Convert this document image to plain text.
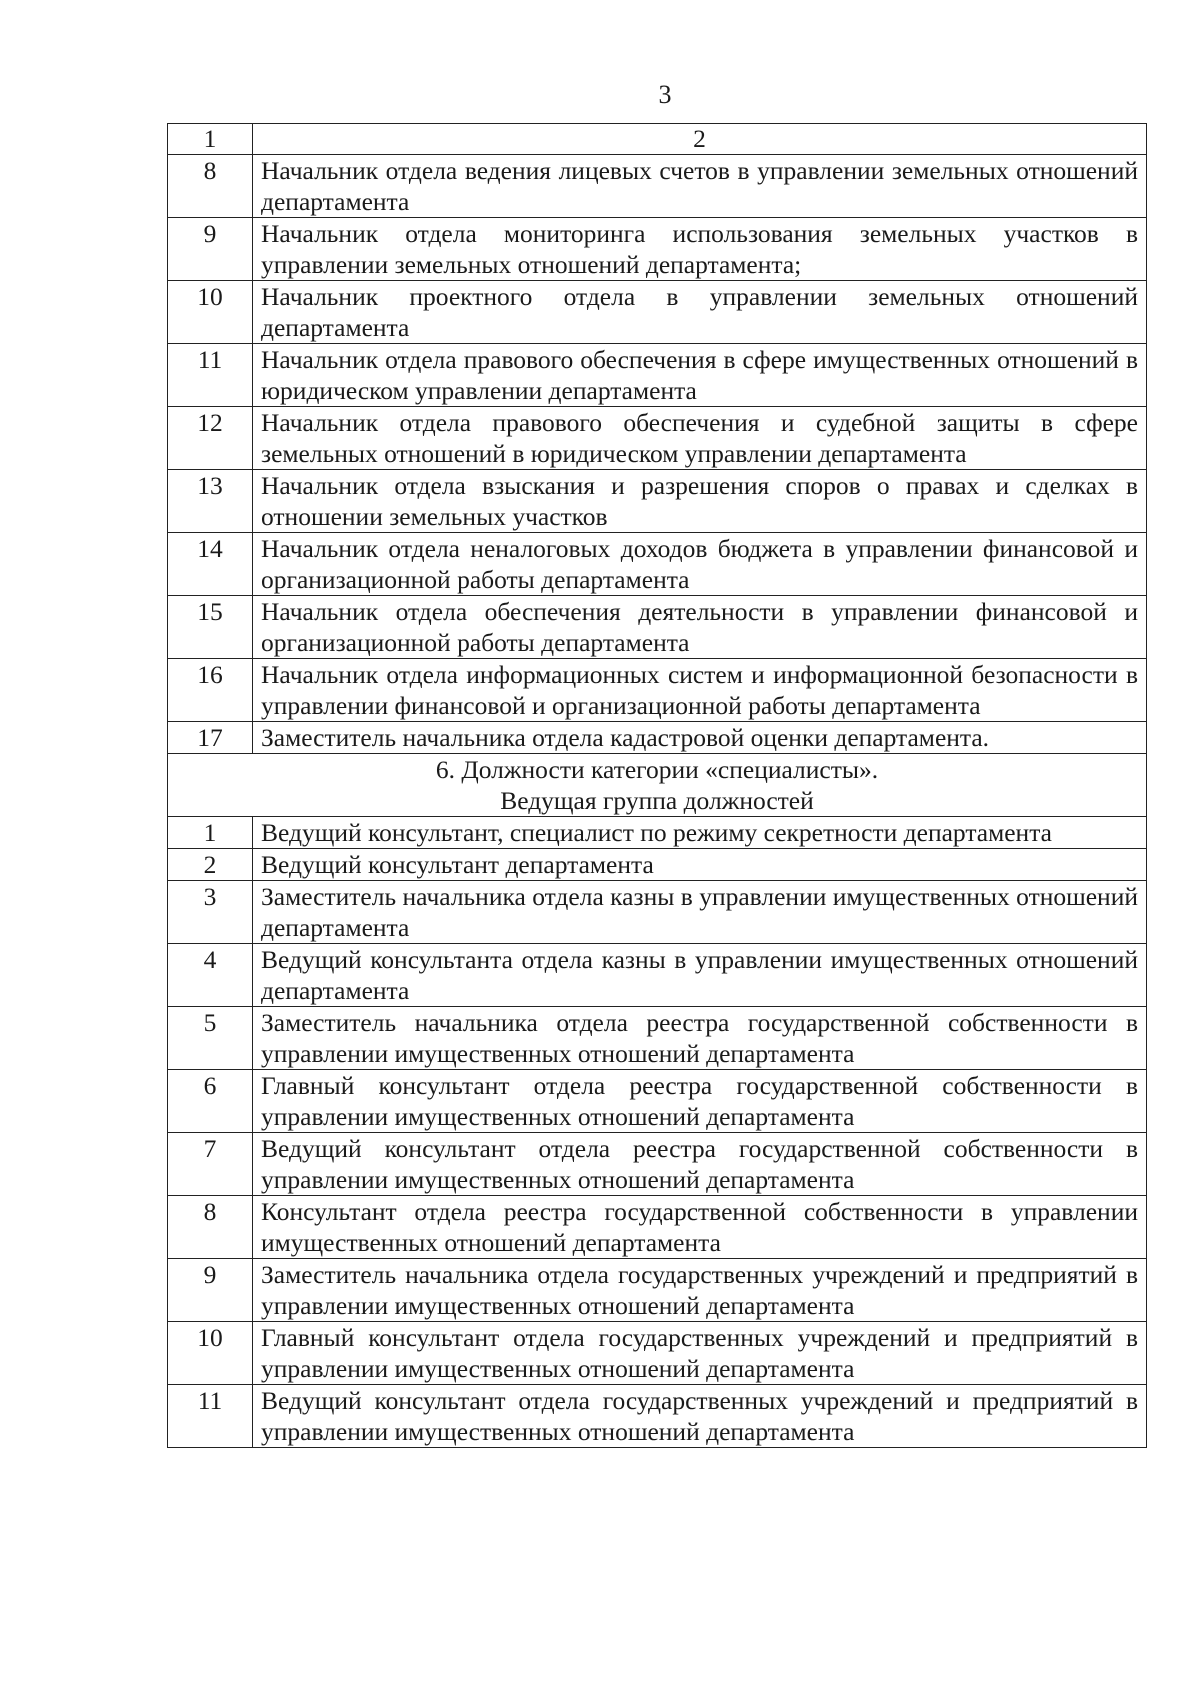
3
1	2
8	Начальник отдела ведения лицевых счетов в управлении земельных отношений департамента
9	Начальник отдела мониторинга использования земельных участков в управлении земельных отношений департамента;
10	Начальник проектного отдела в управлении земельных отношений департамента
11	Начальник отдела правового обеспечения в сфере имущественных отношений в юридическом управлении департамента
12	Начальник отдела правового обеспечения и судебной защиты в сфере земельных отношений в юридическом управлении департамента
13	Начальник отдела взыскания и разрешения споров о правах и сделках в отношении земельных участков
14	Начальник отдела неналоговых доходов бюджета в управлении финансовой и организационной работы департамента
15	Начальник отдела обеспечения деятельности в управлении финансовой и организационной работы департамента
16	Начальник отдела информационных систем и информационной безопасности в управлении финансовой и организационной работы департамента
17	Заместитель начальника отдела кадастровой оценки департамента.

6. Должности категории «специалисты».
Ведущая группа должностей	

1	Ведущий консультант, специалист по режиму секретности департамента
2	Ведущий консультант департамента
3	Заместитель начальника отдела казны в управлении имущественных отношений департамента
4	Ведущий консультанта отдела казны в управлении имущественных отношений департамента
5	Заместитель начальника отдела реестра государственной собственности в управлении имущественных отношений департамента
6	Главный консультант отдела реестра государственной собственности в управлении имущественных отношений департамента
7	Ведущий консультант отдела реестра государственной собственности в управлении имущественных отношений департамента
8	Консультант отдела реестра государственной собственности в управлении имущественных отношений департамента
9	Заместитель начальника отдела государственных учреждений и предприятий в управлении имущественных отношений департамента
10	Главный консультант отдела государственных учреждений и предприятий в управлении имущественных отношений департамента
11	Ведущий консультант отдела государственных учреждений и предприятий в управлении имущественных отношений департамента
